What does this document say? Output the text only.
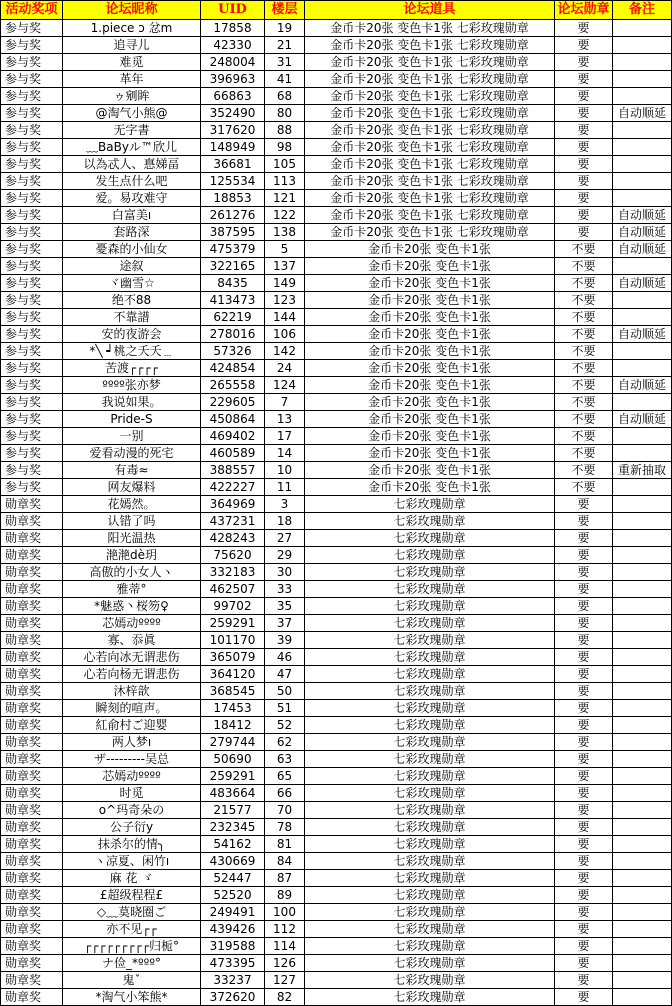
活动奖项	论坛昵称	UID	楼层	论坛道具	论坛勋章	备注
参与奖	1.piece ɔ 忿m	17858	19	金币卡20张 变色卡1张 七彩玫瑰勋章	要	
参与奖	追寻儿	42330	21	金币卡20张 变色卡1张 七彩玫瑰勋章	要	
参与奖	难觅	248004	31	金币卡20张 变色卡1张 七彩玫瑰勋章	要	
参与奖	革年	396963	41	金币卡20张 变色卡1张 七彩玫瑰勋章	要	
参与奖	ゥ剜眸	66863	68	金币卡20张 变色卡1张 七彩玫瑰勋章	要	
参与奖	@淘气小熊@	352490	80	金币卡20张 变色卡1张 七彩玫瑰勋章	要	自动顺延
参与奖	无字書	317620	88	金币卡20张 变色卡1张 七彩玫瑰勋章	要	
参与奖	﹏BaByル™欣儿	148949	98	金币卡20张 变色卡1张 七彩玫瑰勋章	要	
参与奖	以為忒人、惪娣畐	36681	105	金币卡20张 变色卡1张 七彩玫瑰勋章	要	
参与奖	发生点什么吧	125534	113	金币卡20张 变色卡1张 七彩玫瑰勋章	要	
参与奖	爱。易攻难守	18853	121	金币卡20张 变色卡1张 七彩玫瑰勋章	要	
参与奖	白富美ı	261276	122	金币卡20张 变色卡1张 七彩玫瑰勋章	要	自动顺延
参与奖	套路深	387595	138	金币卡20张 变色卡1张 七彩玫瑰勋章	要	自动顺延
参与奖	憂森的小仙女	475379	5	金币卡20张 变色卡1张	不要	自动顺延
参与奖	途叙	322165	137	金币卡20张 变色卡1张	不要	
参与奖	ヾ幽雪☆	8435	149	金币卡20张 变色卡1张	不要	自动顺延
参与奖	绝不88	413473	123	金币卡20张 变色卡1张	不要	
参与奖	不靠譜	62219	144	金币卡20张 变色卡1张	不要	
参与奖	安的夜游会	278016	106	金币卡20张 变色卡1张	不要	自动顺延
参与奖	*╲ ┙桃之夭夭﹍	57326	142	金币卡20张 变色卡1张	不要	
参与奖	苦渡┌┌┌┌	424854	24	金币卡20张 变色卡1张	不要	
参与奖	ºººº张亦梦	265558	124	金币卡20张 变色卡1张	不要	自动顺延
参与奖	我说如果。	229605	7	金币卡20张 变色卡1张	不要	
参与奖	Pride-S	450864	13	金币卡20张 变色卡1张	不要	自动顺延
参与奖	一别	469402	17	金币卡20张 变色卡1张	不要	
参与奖	爱看动漫的死宅	460589	14	金币卡20张 变色卡1张	不要	
参与奖	有毒≈	388557	10	金币卡20张 变色卡1张	不要	重新抽取
参与奖	网友爆料	422227	11	金币卡20张 变色卡1张	不要	
勋章奖	花嫣然。	364969	3	七彩玫瑰勋章	要	
勋章奖	认错了吗	437231	18	七彩玫瑰勋章	要	
勋章奖	阳光温热	428243	27	七彩玫瑰勋章	要	
勋章奖	滟滟dè玥	75620	29	七彩玫瑰勋章	要	
勋章奖	高傲的小女人ヽ	332183	30	七彩玫瑰勋章	要	
勋章奖	雅蒂°	462507	33	七彩玫瑰勋章	要	
勋章奖	*魅惑丶桜笏♀	99702	35	七彩玫瑰勋章	要	
勋章奖	芯嫣动ºººº	259291	37	七彩玫瑰勋章	要	
勋章奖	寡、忝眞	101170	39	七彩玫瑰勋章	要	
勋章奖	心若向冰无谓悲伤	365079	46	七彩玫瑰勋章	要	
勋章奖	心若向杨无谓悲伤	364120	47	七彩玫瑰勋章	要	
勋章奖	沐梓歆	368545	50	七彩玫瑰勋章	要	
勋章奖	瞬刻的喧声。	17453	51	七彩玫瑰勋章	要	
勋章奖	紅俞村ご迎婴	18412	52	七彩玫瑰勋章	要	
勋章奖	两人梦ı	279744	62	七彩玫瑰勋章	要	
勋章奖	ザ---------吴总	50690	63	七彩玫瑰勋章	要	
勋章奖	芯嫣动ºººº	259291	65	七彩玫瑰勋章	要	
勋章奖	时觅	483664	66	七彩玫瑰勋章	要	
勋章奖	o^玛奇朵の	21577	70	七彩玫瑰勋章	要	
勋章奖	公子衍y	232345	78	七彩玫瑰勋章	要	
勋章奖	抹杀尔的情╮	54162	81	七彩玫瑰勋章	要	
勋章奖	ヽ凉夏、闲竹ı	430669	84	七彩玫瑰勋章	要	
勋章奖	麻 花 ゞ	52447	87	七彩玫瑰勋章	要	
勋章奖	£超级程程£	52520	89	七彩玫瑰勋章	要	
勋章奖	◇﹏莫晓圈ご	249491	100	七彩玫瑰勋章	要	
勋章奖	亦不见┌┌	439426	112	七彩玫瑰勋章	要	
勋章奖	┌┌┌┌┌┌┌┌┌归栀°	319588	114	七彩玫瑰勋章	要	
勋章奖	ナ俭_*ººº°	473395	126	七彩玫瑰勋章	要	
勋章奖	鬼ˇ	33237	127	七彩玫瑰勋章	要	
勋章奖	*淘气小笨熊*	372620	82	七彩玫瑰勋章	要	
